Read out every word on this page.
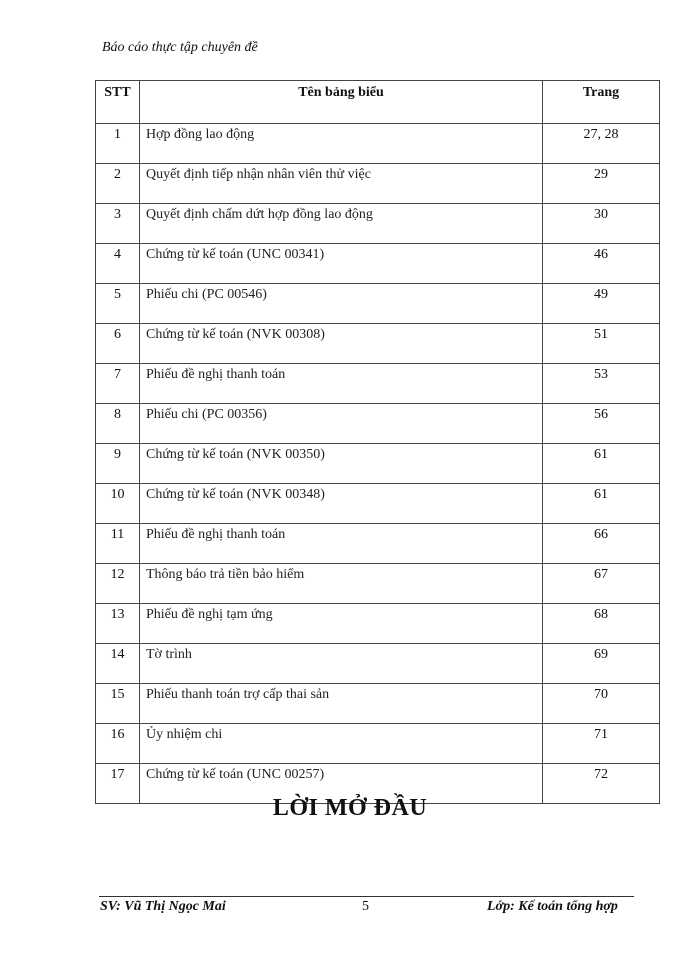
Báo cáo thực tập chuyên đề
STT	Tên bảng biểu	Trang
1	Hợp đồng lao động	27, 28
2	Quyết định tiếp nhận nhân viên thử việc	29
3	Quyết định chấm dứt hợp đồng lao động	30
4	Chứng từ kế toán (UNC 00341)	46
5	Phiếu chi (PC 00546)	49
6	Chứng từ kế toán (NVK 00308)	51
7	Phiếu đề nghị thanh toán	53
8	Phiếu chi (PC 00356)	56
9	Chứng từ kế toán (NVK 00350)	61
10	Chứng từ kế toán (NVK 00348)	61
11	Phiếu đề nghị thanh toán	66
12	Thông báo trả tiền bảo hiểm	67
13	Phiếu đề nghị tạm ứng	68
14	Tờ trình	69
15	Phiếu thanh toán trợ cấp thai sản	70
16	Ủy nhiệm chi	71
17	Chứng từ kế toán (UNC 00257)	72
LỜI MỞ ĐẦU
SV: Vũ Thị Ngọc Mai	5	Lớp: Kế toán tổng hợp
